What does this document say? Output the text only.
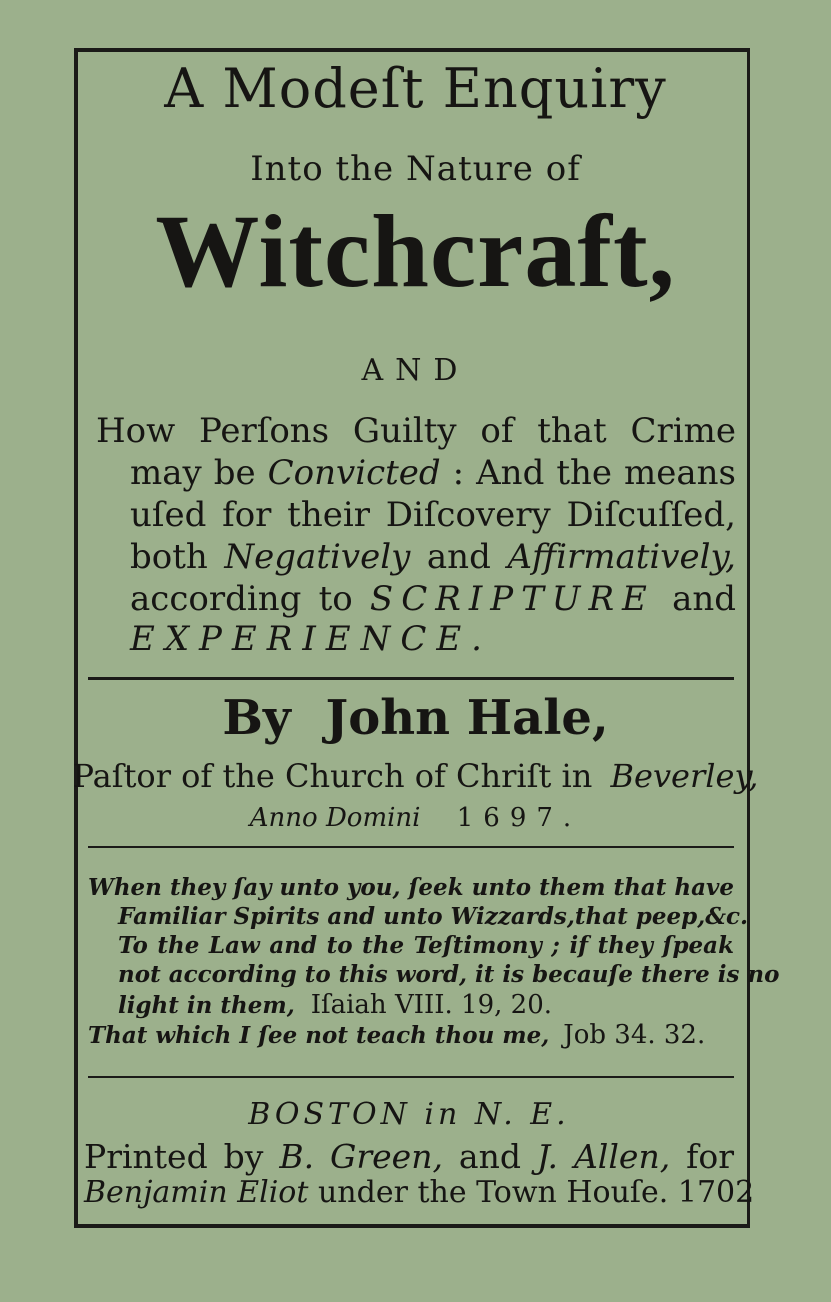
A Modeſt Enquiry
Into the Nature of
Witchcraft,
AND
How Perſons Guilty of that Crime
may be Convicted : And the means
uſed for their Diſcovery Diſcuſſed,
both Negatively and Affirmatively,
according to SCRIPTURE and
EXPERIENCE.
By John Hale,
Paſtor of the Church of Chriſt in Beverley,
Anno Domini 1697.
When they ſay unto you, ſeek unto them that have
Familiar Spirits and unto Wizzards,that peep,&c.
To the Law and to the Teſtimony ; if they ſpeak
not according to this word, it is becauſe there is no
light in them, Iſaiah VIII. 19, 20.
That which I ſee not teach thou me, Job 34. 32.
BOSTON in N. E.
Printed by B. Green, and J. Allen, for
Benjamin Eliot under the Town Houſe. 1702
